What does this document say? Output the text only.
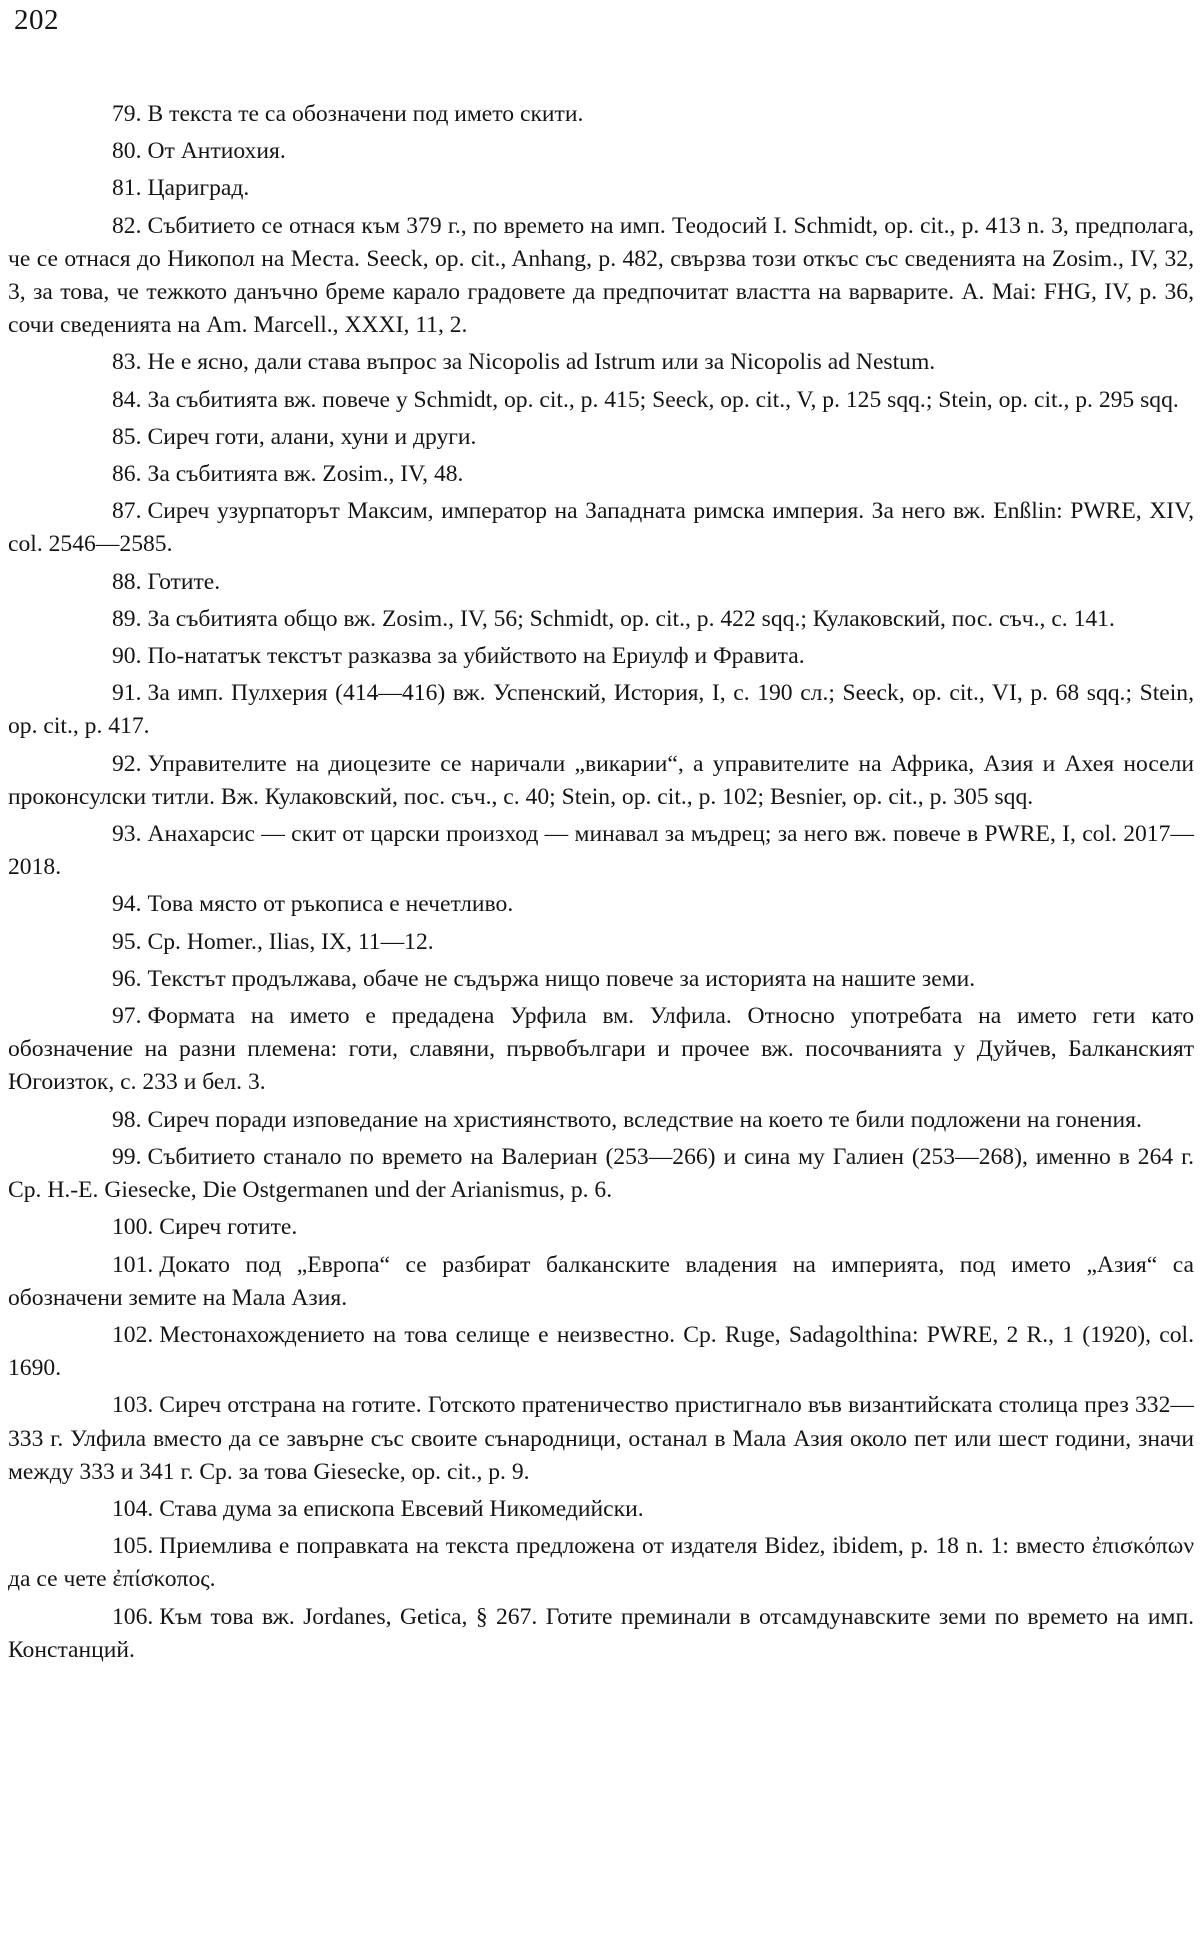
202

79. В текста те са обозначени под името скити.

80. От Антиохия.

81. Цариград.

82. Събитието се отнася към 379 г., по времето на имп. Теодосий I. Schmidt, op. cit., p. 413 n. 3, предполага, че се отнася до Никопол на Места. Seeck, op. cit., Anhang, p. 482, свързва този откъс със сведенията на Zosim., IV, 32, 3, за това, че тежкото данъчно бреме карало градовете да предпочитат властта на варварите. A. Mai: FHG, IV, p. 36, сочи сведенията на Am. Marcell., XXXI, 11, 2.

83. Не е ясно, дали става въпрос за Nicopolis ad Istrum или за Nicopolis ad Nestum.

84. За събитията вж. повече у Schmidt, op. cit., p. 415; Seeck, op. cit., V, p. 125 sqq.; Stein, op. cit., p. 295 sqq.

85. Сиреч готи, алани, хуни и други.

86. За събитията вж. Zosim., IV, 48.

87. Сиреч узурпаторът Максим, император на Западната римска империя. За него вж. Enßlin: PWRE, XIV, col. 2546—2585.

88. Готите.

89. За събитията общо вж. Zosim., IV, 56; Schmidt, op. cit., p. 422 sqq.; Кулаковский, пос. съч., с. 141.

90. По-нататък текстът разказва за убийството на Ериулф и Фравита.

91. За имп. Пулхерия (414—416) вж. Успенский, История, I, с. 190 сл.; Seeck, op. cit., VI, p. 68 sqq.; Stein, op. cit., p. 417.

92. Управителите на диоцезите се наричали „викарии“, а управителите на Африка, Азия и Ахея носели проконсулски титли. Вж. Кулаковский, пос. съч., с. 40; Stein, op. cit., p. 102; Besnier, op. cit., p. 305 sqq.

93. Анахарсис — скит от царски произход — минавал за мъдрец; за него вж. повече в PWRE, I, col. 2017—2018.

94. Това място от ръкописа е нечетливо.

95. Ср. Homer., Ilias, IX, 11—12.

96. Текстът продължава, обаче не съдържа нищо повече за историята на нашите земи.

97. Формата на името е предадена Урфила вм. Улфила. Относно употребата на името гети като обозначение на разни племена: готи, славяни, първобългари и прочее вж. посочванията у Дуйчев, Балканският Югоизток, с. 233 и бел. 3.

98. Сиреч поради изповедание на християнството, вследствие на което те били подложени на гонения.

99. Събитието станало по времето на Валериан (253—266) и сина му Галиен (253—268), именно в 264 г. Ср. H.-E. Giesecke, Die Ostgermanen und der Arianismus, p. 6.

100. Сиреч готите.

101. Докато под „Европа“ се разбират балканските владения на империята, под името „Азия“ са обозначени земите на Мала Азия.

102. Местонахождението на това селище е неизвестно. Ср. Ruge, Sadagolthina: PWRE, 2 R., 1 (1920), col. 1690.

103. Сиреч отстрана на готите. Готското пратеничество пристигнало във византийската столица през 332—333 г. Улфила вместо да се завърне със своите сънародници, останал в Мала Азия около пет или шест години, значи между 333 и 341 г. Ср. за това Giesecke, op. cit., p. 9.

104. Става дума за епископа Евсевий Никомедийски.

105. Приемлива е поправката на текста предложена от издателя Bidez, ibidem, p. 18 n. 1: вместо ἐπισκόπων да се чете ἐπίσκοπος.

106. Към това вж. Jordanes, Getica, § 267. Готите преминали в отсамдунавските земи по времето на имп. Констанций.
